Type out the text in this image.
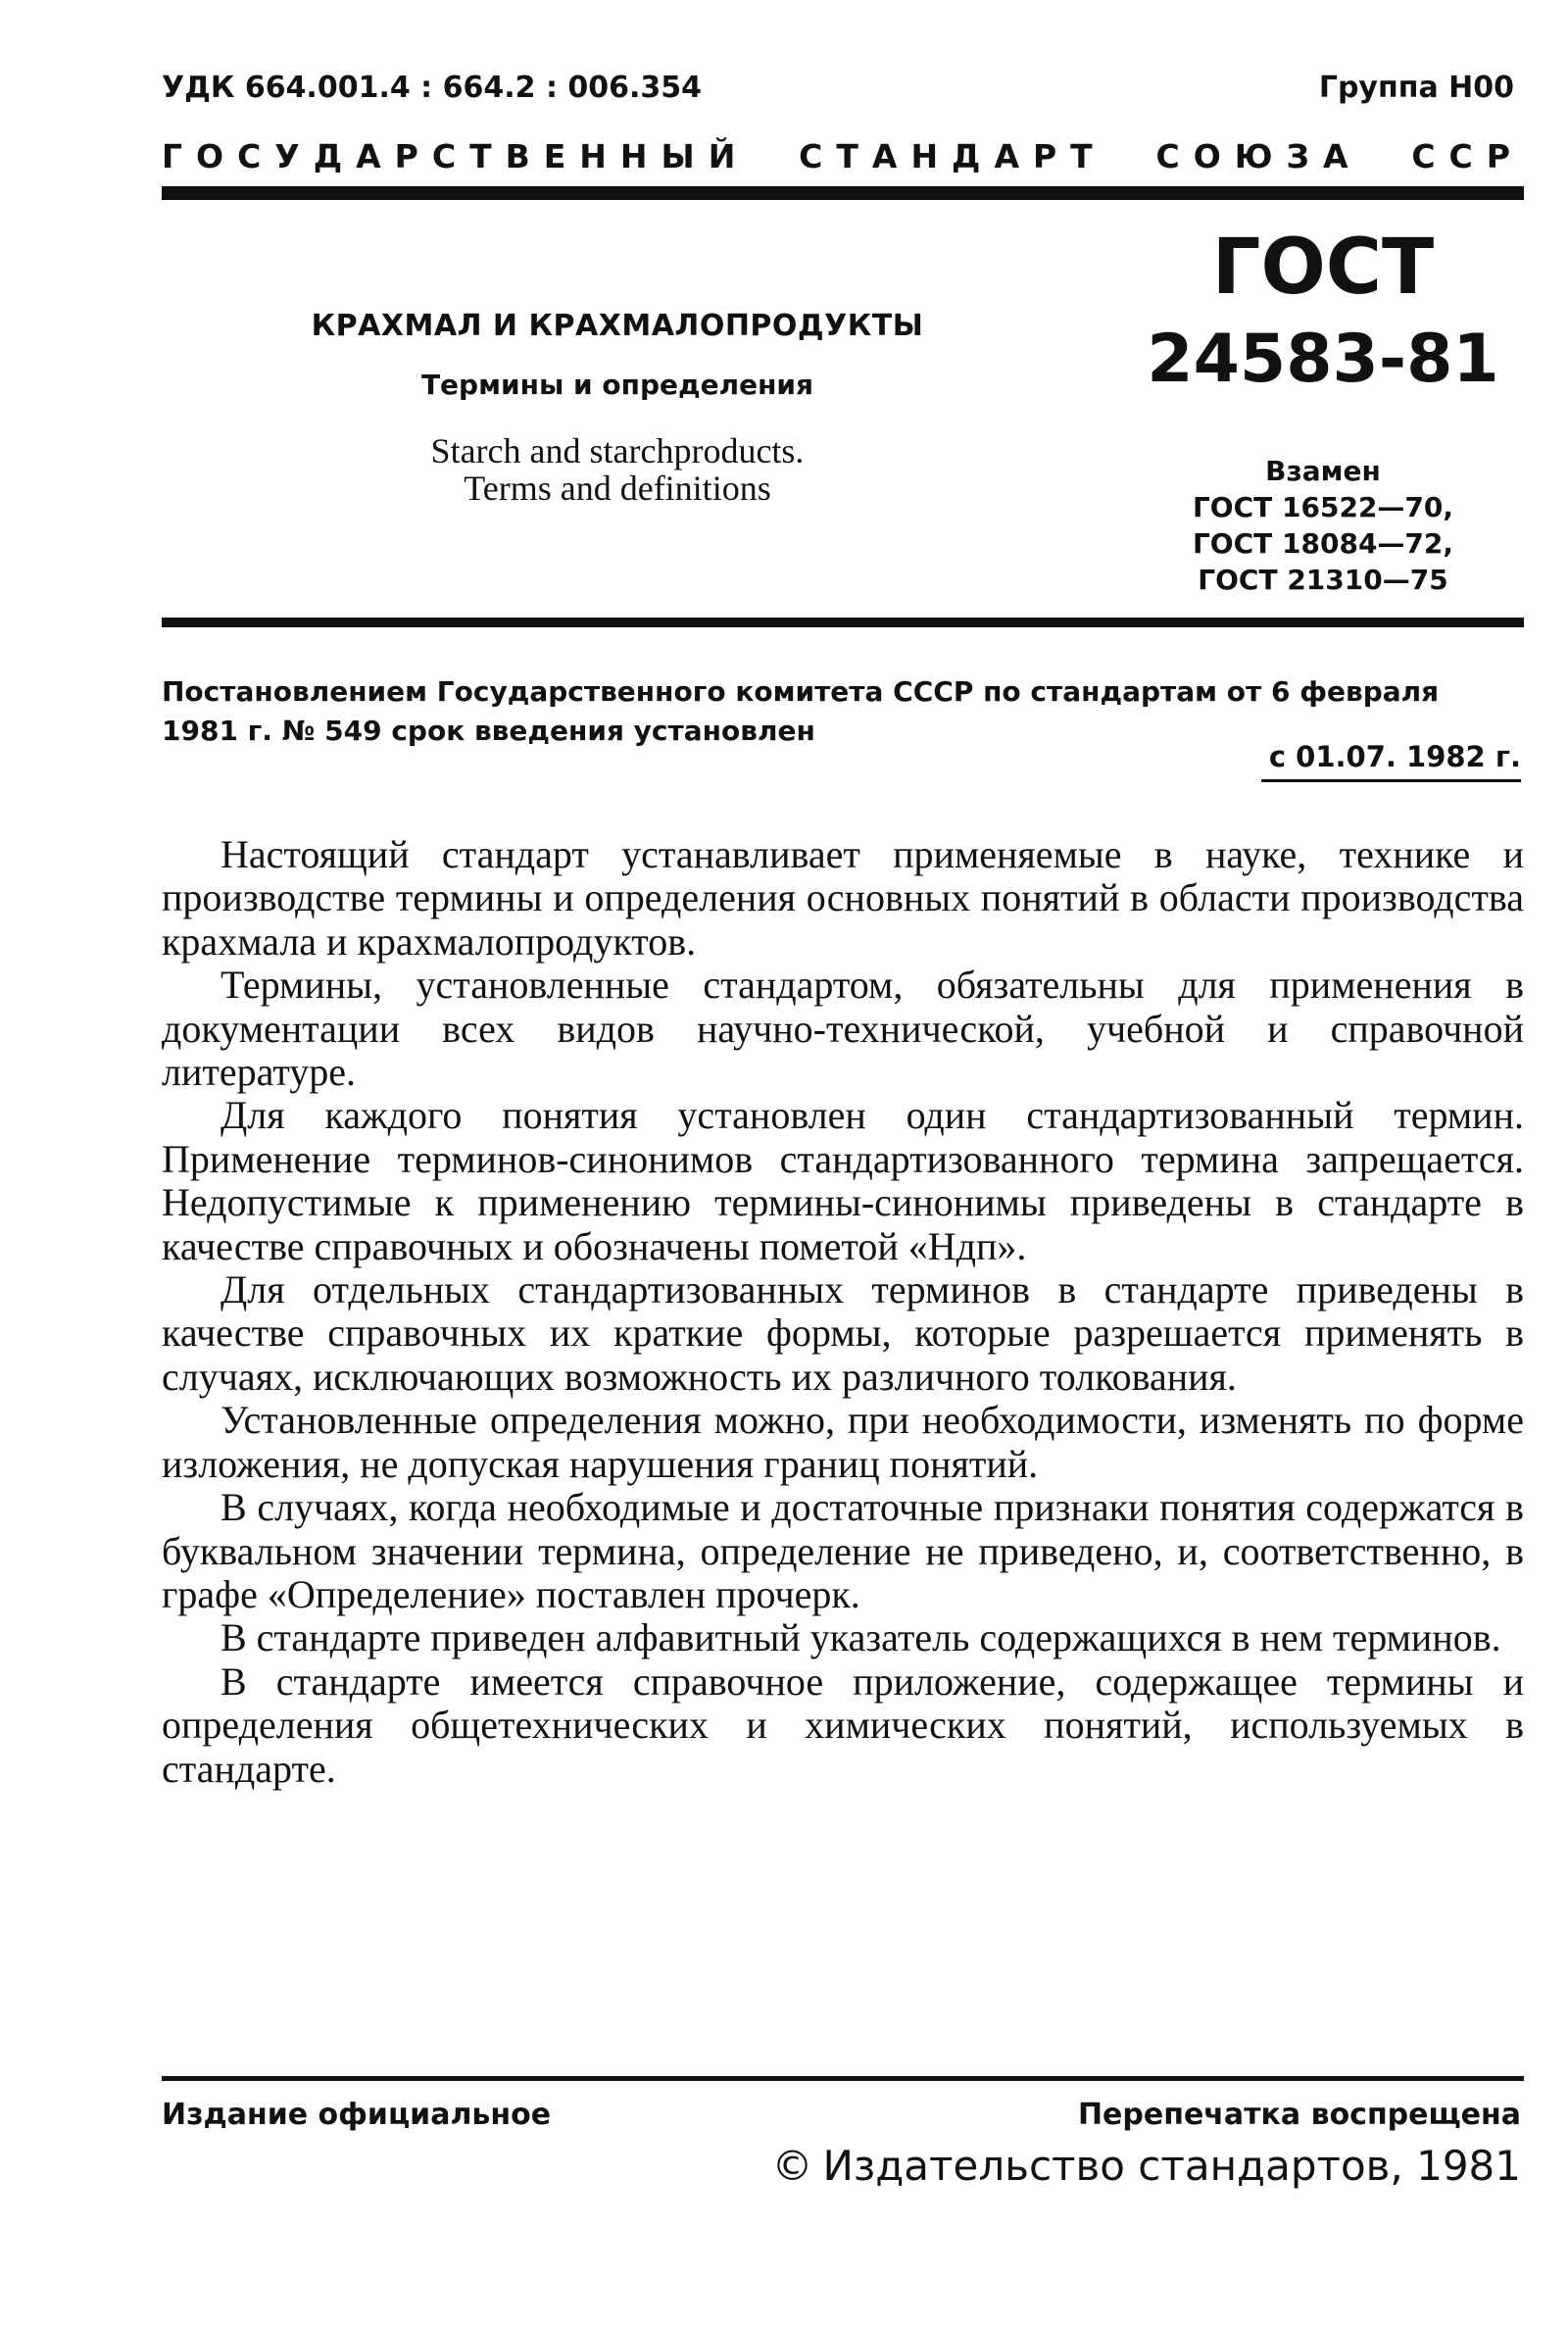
УДК 664.001.4 : 664.2 : 006.354	Группа Н00
ГОСУДАРСТВЕННЫЙ СТАНДАРТ СОЮЗА ССР
КРАХМАЛ И КРАХМАЛОПРОДУКТЫ
Термины и определения
Starch and starchproducts.
Terms and definitions
ГОСТ
24583-81
Взамен
ГОСТ 16522—70,
ГОСТ 18084—72,
ГОСТ 21310—75
Постановлением Государственного комитета СССР по стандартам от 6 февраля 1981 г. № 549 срок введения установлен
с 01.07. 1982 г.

Настоящий стандарт устанавливает применяемые в науке, технике и производстве термины и определения основных понятий в области производства крахмала и крахмалопродуктов.

Термины, установленные стандартом, обязательны для применения в документации всех видов научно-технической, учебной и справочной литературе.

Для каждого понятия установлен один стандартизованный термин. Применение терминов-синонимов стандартизованного термина запрещается. Недопустимые к применению термины-синонимы приведены в стандарте в качестве справочных и обозначены пометой «Ндп».

Для отдельных стандартизованных терминов в стандарте приведены в качестве справочных их краткие формы, которые разрешается применять в случаях, исключающих возможность их различного толкования.

Установленные определения можно, при необходимости, изменять по форме изложения, не допуская нарушения границ понятий.

В случаях, когда необходимые и достаточные признаки понятия содержатся в буквальном значении термина, определение не приведено, и, соответственно, в графе «Определение» поставлен прочерк.

В стандарте приведен алфавитный указатель содержащихся в нем терминов.

В стандарте имеется справочное приложение, содержащее термины и определения общетехнических и химических понятий, используемых в стандарте.

Издание официальное	Перепечатка воспрещена
© Издательство стандартов, 1981
